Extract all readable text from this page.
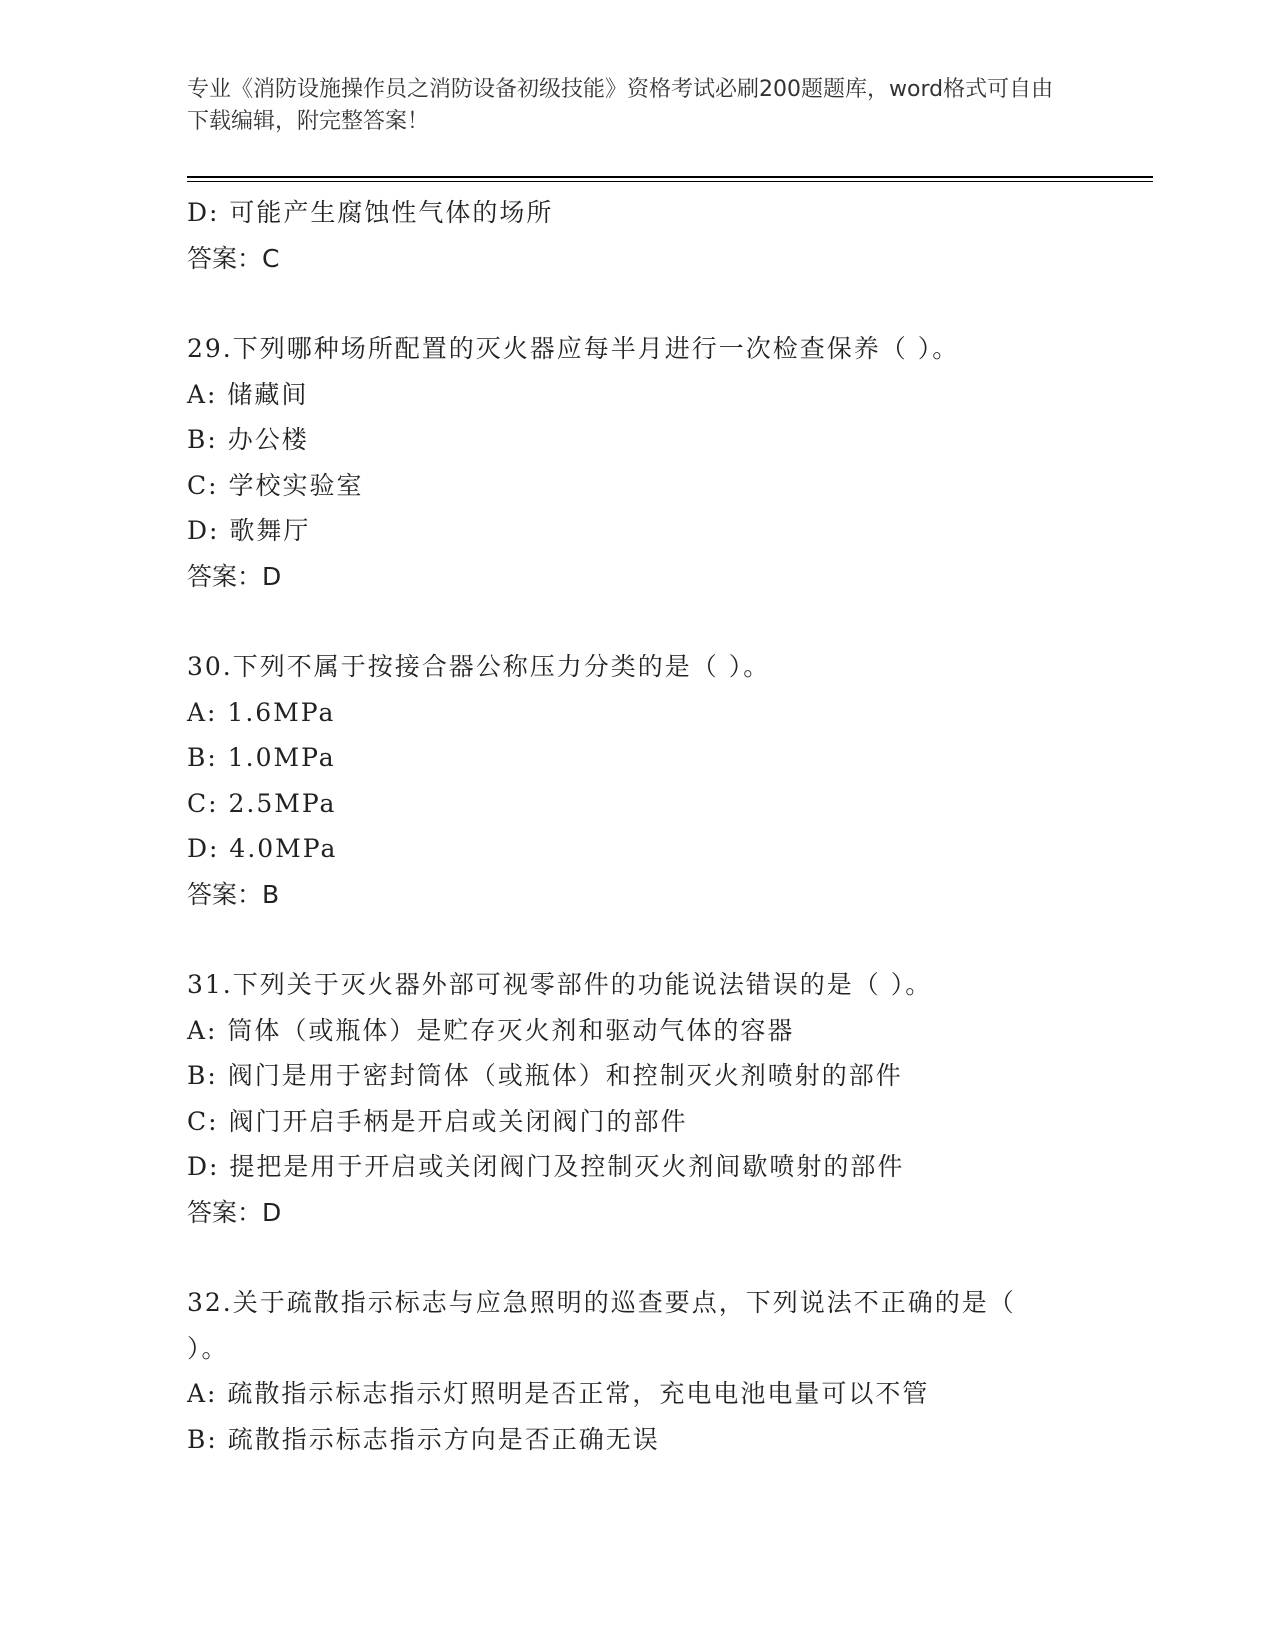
专业《消防设施操作员之消防设备初级技能》资格考试必刷200题题库，word格式可自由下载编辑，附完整答案！
D: 可能产生腐蚀性气体的场所
答案：C
29.下列哪种场所配置的灭火器应每半月进行一次检查保养（ ）。
A: 储藏间
B: 办公楼
C: 学校实验室
D: 歌舞厅
答案：D
30.下列不属于按接合器公称压力分类的是（ ）。
A: 1.6MPa
B: 1.0MPa
C: 2.5MPa
D: 4.0MPa
答案：B
31.下列关于灭火器外部可视零部件的功能说法错误的是（ ）。
A: 筒体（或瓶体）是贮存灭火剂和驱动气体的容器
B: 阀门是用于密封筒体（或瓶体）和控制灭火剂喷射的部件
C: 阀门开启手柄是开启或关闭阀门的部件
D: 提把是用于开启或关闭阀门及控制灭火剂间歇喷射的部件
答案：D
32.关于疏散指示标志与应急照明的巡查要点，下列说法不正确的是（
）。
A: 疏散指示标志指示灯照明是否正常，充电电池电量可以不管
B: 疏散指示标志指示方向是否正确无误
